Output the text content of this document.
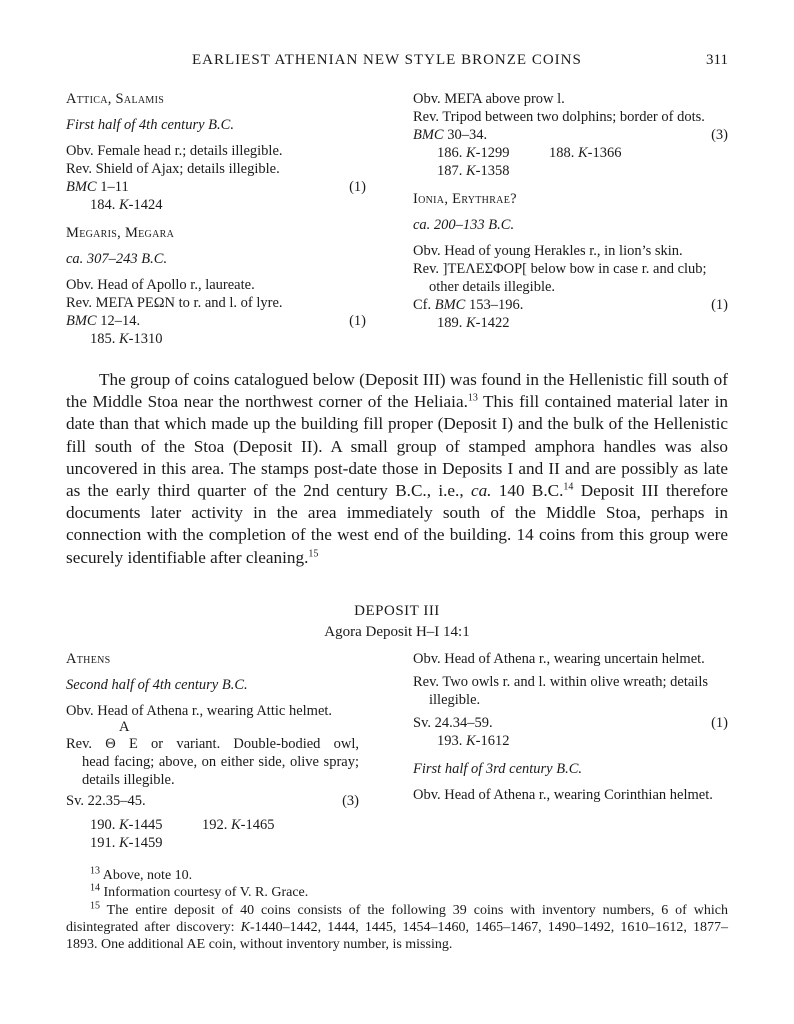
EARLIEST ATHENIAN NEW STYLE BRONZE COINS	311
Attica, Salamis
First half of 4th century B.C.
Obv. Female head r.; details illegible.
Rev. Shield of Ajax; details illegible.
BMC 1–11	(1)
184. K-1424
Megaris, Megara
ca. 307–243 B.C.
Obv. Head of Apollo r., laureate.
Rev. ΜΕΓΑ ΡΕΩΝ to r. and l. of lyre.
BMC 12–14.	(1)
185. K-1310
Obv. ΜΕΓΑ above prow l.
Rev. Tripod between two dolphins; border of dots.
BMC 30–34.	(3)
186. K-1299	188. K-1366
187. K-1358
Ionia, Erythrae?
ca. 200–133 B.C.
Obv. Head of young Herakles r., in lion’s skin.
Rev. ]ΤΕΛΕΣΦΟΡ[ below bow in case r. and club; other details illegible.
Cf. BMC 153–196.	(1)
189. K-1422
The group of coins catalogued below (Deposit III) was found in the Hellenistic fill south of the Middle Stoa near the northwest corner of the Heliaia.$^{13}$ This fill contained material later in date than that which made up the building fill proper (Deposit I) and the bulk of the Hellenistic fill south of the Stoa (Deposit II). A small group of stamped amphora handles was also uncovered in this area. The stamps post-date those in Deposits I and II and are possibly as late as the early third quarter of the 2nd century B.C., i.e., ca. 140 B.C.$^{14}$ Deposit III therefore documents later activity in the area immediately south of the Middle Stoa, perhaps in connection with the completion of the west end of the building. 14 coins from this group were securely identifiable after cleaning.$^{15}$
DEPOSIT III
Agora Deposit H–I 14:1
Athens
Second half of 4th century B.C.
Obv. Head of Athena r., wearing Attic helmet.
Α
Rev. Θ Ε or variant. Double-bodied owl,
head facing; above, on either side, olive spray; details illegible.
Sv. 22.35–45.	(3)
190. K-1445	192. K-1465
191. K-1459
Obv. Head of Athena r., wearing uncertain helmet.
Rev. Two owls r. and l. within olive wreath; details illegible.
Sv. 24.34–59.	(1)
193. K-1612
First half of 3rd century B.C.
Obv. Head of Athena r., wearing Corinthian helmet.

$^{13}$ Above, note 10.

$^{14}$ Information courtesy of V. R. Grace.

$^{15}$ The entire deposit of 40 coins consists of the following 39 coins with inventory numbers, 6 of which disintegrated after discovery: K-1440–1442, 1444, 1445, 1454–1460, 1465–1467, 1490–1492, 1610–1612, 1877–1893. One additional AE coin, without inventory number, is missing.
